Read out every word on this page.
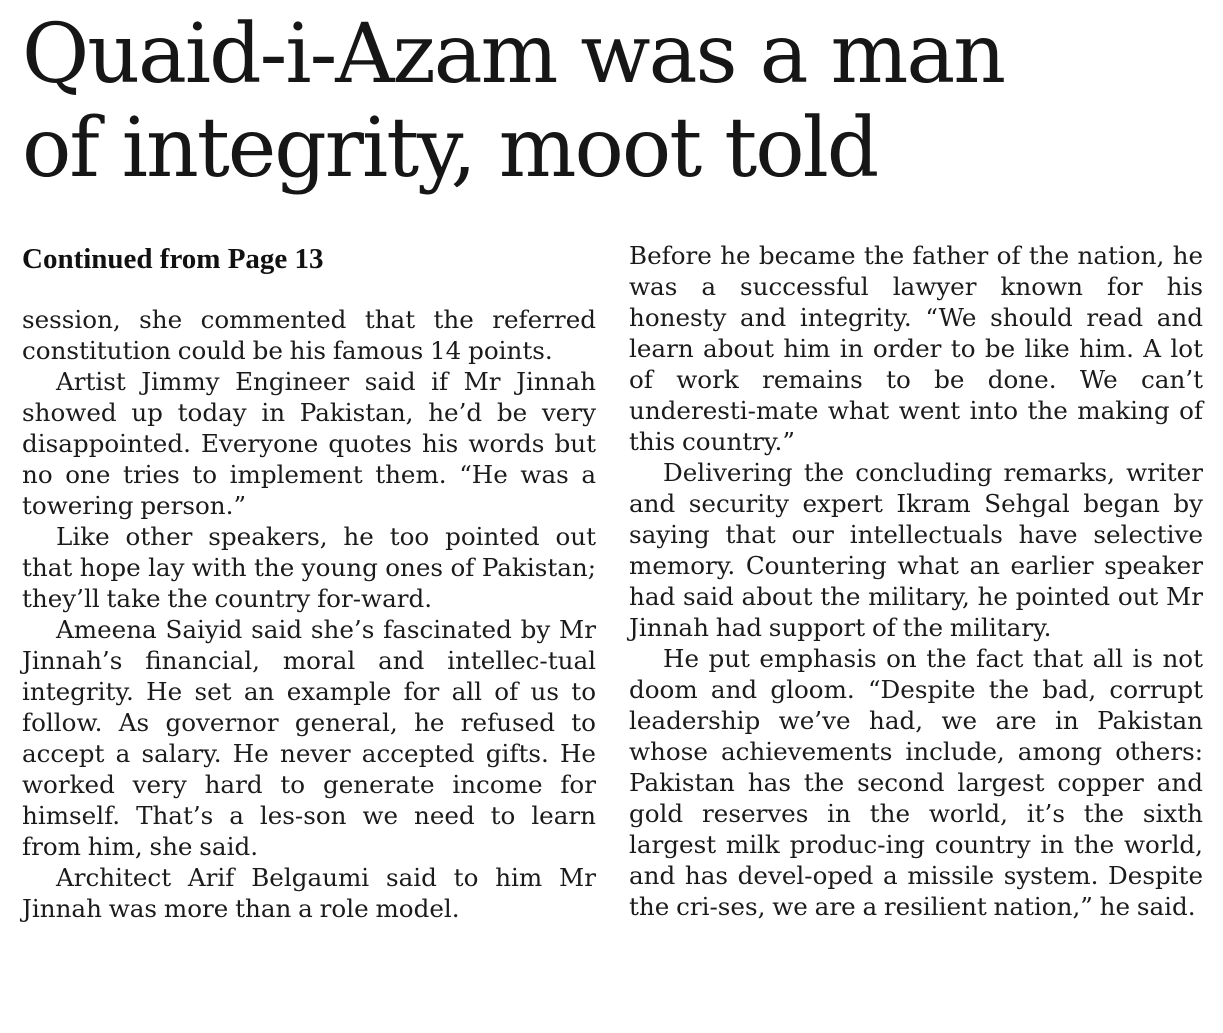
Quaid-i-Azam was a man
of integrity, moot told
Continued from Page 13

session, she commented that the referred constitution could be his famous 14 points.

Artist Jimmy Engineer said if Mr Jinnah showed up today in Pakistan, he’d be very disappointed. Everyone quotes his words but no one tries to implement them. “He was a towering person.”

Like other speakers, he too pointed out that hope lay with the young ones of Pakistan; they’ll take the country for-ward.

Ameena Saiyid said she’s fascinated by Mr Jinnah’s financial, moral and intellec-tual integrity. He set an example for all of us to follow. As governor general, he refused to accept a salary. He never accepted gifts. He worked very hard to generate income for himself. That’s a les-son we need to learn from him, she said.

Architect Arif Belgaumi said to him Mr Jinnah was more than a role model.

Before he became the father of the nation, he was a successful lawyer known for his honesty and integrity. “We should read and learn about him in order to be like him. A lot of work remains to be done. We can’t underesti-mate what went into the making of this country.”

Delivering the concluding remarks, writer and security expert Ikram Sehgal began by saying that our intellectuals have selective memory. Countering what an earlier speaker had said about the military, he pointed out Mr Jinnah had support of the military.

He put emphasis on the fact that all is not doom and gloom. “Despite the bad, corrupt leadership we’ve had, we are in Pakistan whose achievements include, among others: Pakistan has the second largest copper and gold reserves in the world, it’s the sixth largest milk produc-ing country in the world, and has devel-oped a missile system. Despite the cri-ses, we are a resilient nation,” he said.
